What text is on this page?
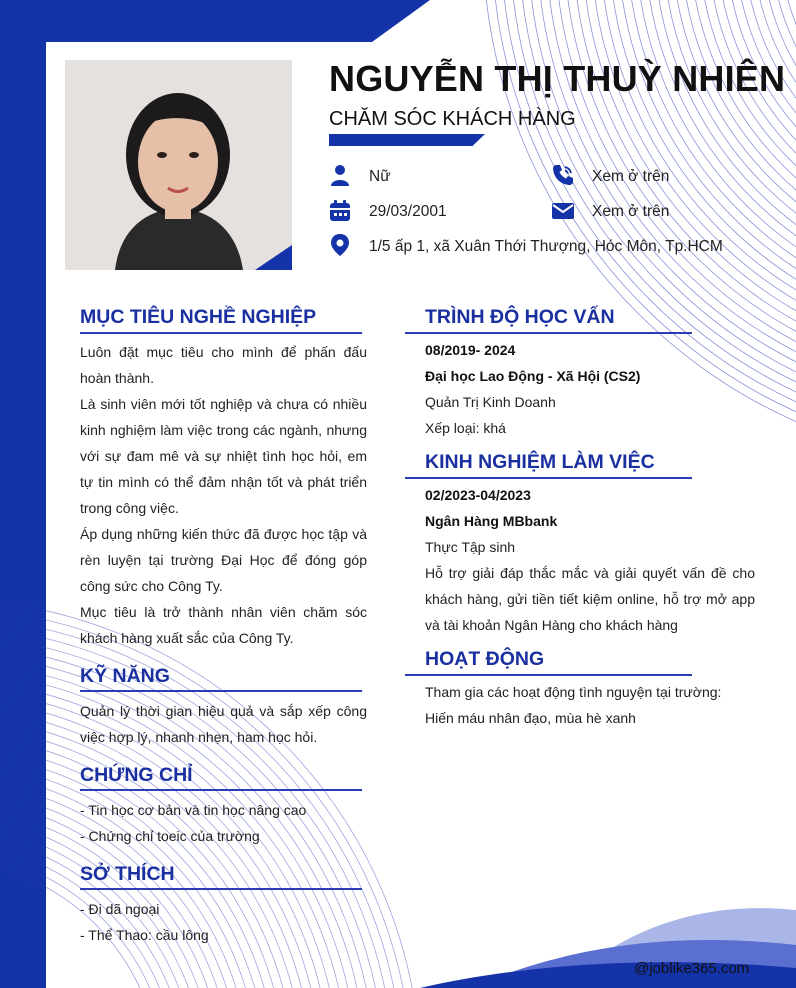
NGUYỄN THỊ THUỲ NHIÊN
CHĂM SÓC KHÁCH HÀNG
Nữ
29/03/2001
1/5 ấp 1, xã Xuân Thới Thượng, Hóc Môn, Tp.HCM
Xem ở trên
Xem ở trên
MỤC TIÊU NGHỀ NGHIỆP
Luôn đặt mục tiêu cho mình để phấn đấu hoàn thành.
Là sinh viên mới tốt nghiệp và chưa có nhiều kinh nghiệm làm việc trong các ngành, nhưng với sự đam mê và sự nhiệt tình học hỏi, em tự tin mình có thể đảm nhận tốt và phát triển trong công việc.
Áp dụng những kiến thức đã được học tập và rèn luyện tại trường Đại Học để đóng góp công sức cho Công Ty.
Mục tiêu là trở thành nhân viên chăm sóc khách hàng xuất sắc của Công Ty.
KỸ NĂNG
Quản lý thời gian hiệu quả và sắp xếp công việc hợp lý, nhanh nhẹn, ham học hỏi.
CHỨNG CHỈ
- Tin học cơ bản và tin học nâng cao
- Chứng chỉ toeic của trường
SỞ THÍCH
- Đi dã ngoại
- Thể Thao: cầu lông
TRÌNH ĐỘ HỌC VẤN
08/2019- 2024
Đại học Lao Động - Xã Hội (CS2)
Quản Trị Kinh Doanh
Xếp loại: khá
KINH NGHIỆM LÀM VIỆC
02/2023-04/2023
Ngân Hàng MBbank
Thực Tập sinh
Hỗ trợ giải đáp thắc mắc và giải quyết vấn đề cho khách hàng, gửi tiền tiết kiệm online, hỗ trợ mở app và tài khoản Ngân Hàng cho khách hàng
HOẠT ĐỘNG
Tham gia các hoạt động tình nguyện tại trường:
Hiến máu nhân đạo, mùa hè xanh
@joblike365.com
